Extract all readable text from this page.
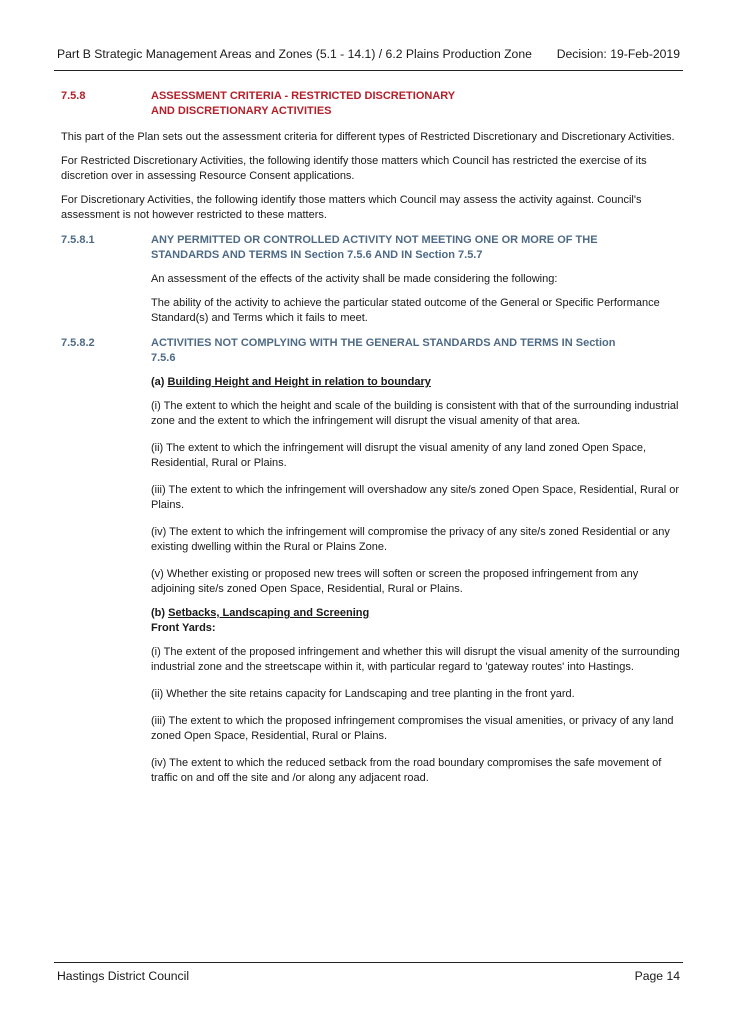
Part B Strategic Management Areas and Zones (5.1 - 14.1) / 6.2 Plains Production Zone Decision: 19-Feb-2019
7.5.8	ASSESSMENT CRITERIA - RESTRICTED DISCRETIONARY
AND DISCRETIONARY ACTIVITIES

This part of the Plan sets out the assessment criteria for different types of Restricted Discretionary and Discretionary Activities.

For Restricted Discretionary Activities, the following identify those matters which Council has restricted the exercise of its discretion over in assessing Resource Consent applications.

For Discretionary Activities, the following identify those matters which Council may assess the activity against. Council's assessment is not however restricted to these matters.

7.5.8.1	ANY PERMITTED OR CONTROLLED ACTIVITY NOT MEETING ONE OR MORE OF THE
STANDARDS AND TERMS IN Section 7.5.6 AND IN Section 7.5.7

An assessment of the effects of the activity shall be made considering the following:

The ability of the activity to achieve the particular stated outcome of the General or Specific Performance Standard(s) and Terms which it fails to meet.

7.5.8.2	ACTIVITIES NOT COMPLYING WITH THE GENERAL STANDARDS AND TERMS IN Section
7.5.6

(a) Building Height and Height in relation to boundary

(i) The extent to which the height and scale of the building is consistent with that of the surrounding industrial zone and the extent to which the infringement will disrupt the visual amenity of that area.

(ii) The extent to which the infringement will disrupt the visual amenity of any land zoned Open Space, Residential, Rural or Plains.

(iii) The extent to which the infringement will overshadow any site/s zoned Open Space, Residential, Rural or Plains.

(iv) The extent to which the infringement will compromise the privacy of any site/s zoned Residential or any existing dwelling within the Rural or Plains Zone.

(v) Whether existing or proposed new trees will soften or screen the proposed infringement from any adjoining site/s zoned Open Space, Residential, Rural or Plains.

(b) Setbacks, Landscaping and Screening

Front Yards:

(i) The extent of the proposed infringement and whether this will disrupt the visual amenity of the surrounding industrial zone and the streetscape within it, with particular regard to 'gateway routes' into Hastings.

(ii) Whether the site retains capacity for Landscaping and tree planting in the front yard.

(iii) The extent to which the proposed infringement compromises the visual amenities, or privacy of any land zoned Open Space, Residential, Rural or Plains.

(iv) The extent to which the reduced setback from the road boundary compromises the safe movement of traffic on and off the site and /or along any adjacent road.

Hastings District Council	Page 14
